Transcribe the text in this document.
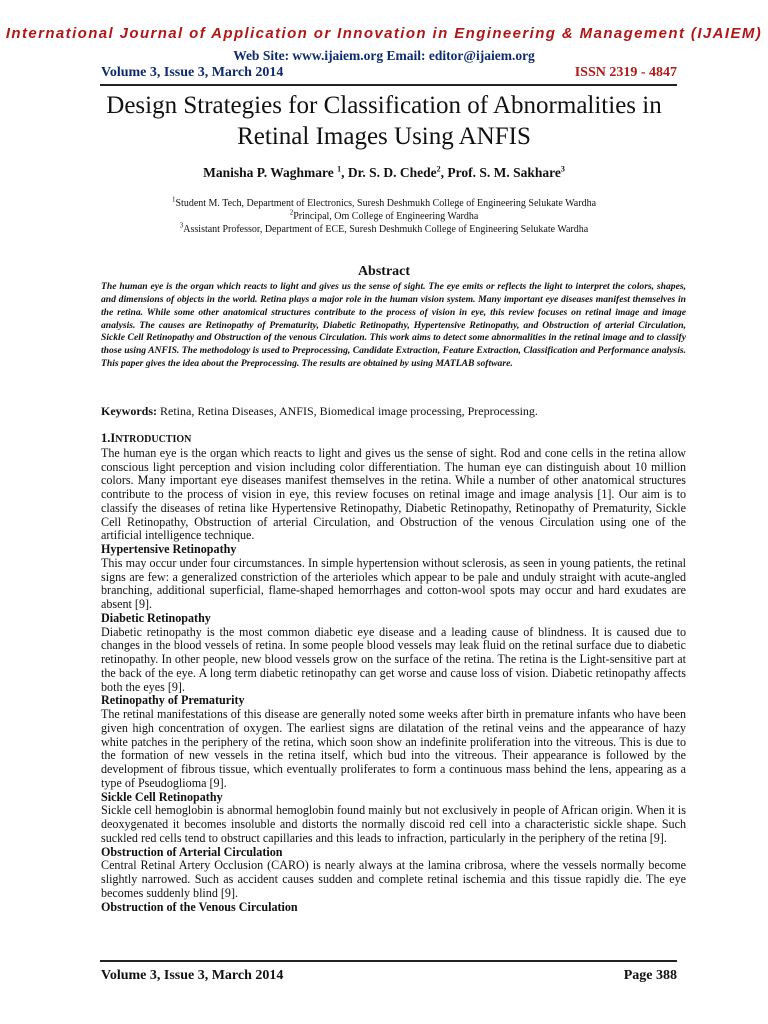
International Journal of Application or Innovation in Engineering & Management (IJAIEM)
Web Site: www.ijaiem.org Email: editor@ijaiem.org
Volume 3, Issue 3, March 2014	ISSN 2319 - 4847
Design Strategies for Classification of Abnormalities in Retinal Images Using ANFIS
Manisha P. Waghmare $^1$, Dr. S. D. Chede$^2$, Prof. S. M. Sakhare$^3$
$^1$Student M. Tech, Department of Electronics, Suresh Deshmukh College of Engineering Selukate Wardha
$^2$Principal, Om College of Engineering Wardha
$^3$Assistant Professor, Department of ECE, Suresh Deshmukh College of Engineering Selukate Wardha
Abstract

The human eye is the organ which reacts to light and gives us the sense of sight. The eye emits or reflects the light to interpret the colors, shapes, and dimensions of objects in the world. Retina plays a major role in the human vision system. Many important eye diseases manifest themselves in the retina. While some other anatomical structures contribute to the process of vision in eye, this review focuses on retinal image and image analysis. The causes are Retinopathy of Prematurity, Diabetic Retinopathy, Hypertensive Retinopathy, and Obstruction of arterial Circulation, Sickle Cell Retinopathy and Obstruction of the venous Circulation. This work aims to detect some abnormalities in the retinal image and to classify those using ANFIS. The methodology is used to Preprocessing, Candidate Extraction, Feature Extraction, Classification and Performance analysis. This paper gives the idea about the Preprocessing. The results are obtained by using MATLAB software.

Keywords: Retina, Retina Diseases, ANFIS, Biomedical image processing, Preprocessing.

1.INTRODUCTION

The human eye is the organ which reacts to light and gives us the sense of sight. Rod and cone cells in the retina allow conscious light perception and vision including color differentiation. The human eye can distinguish about 10 million colors. Many important eye diseases manifest themselves in the retina. While a number of other anatomical structures contribute to the process of vision in eye, this review focuses on retinal image and image analysis [1]. Our aim is to classify the diseases of retina like Hypertensive Retinopathy, Diabetic Retinopathy, Retinopathy of Prematurity, Sickle Cell Retinopathy, Obstruction of arterial Circulation, and Obstruction of the venous Circulation using one of the artificial intelligence technique.

Hypertensive Retinopathy

This may occur under four circumstances. In simple hypertension without sclerosis, as seen in young patients, the retinal signs are few: a generalized constriction of the arterioles which appear to be pale and unduly straight with acute-angled branching, additional superficial, flame-shaped hemorrhages and cotton-wool spots may occur and hard exudates are absent [9].

Diabetic Retinopathy

Diabetic retinopathy is the most common diabetic eye disease and a leading cause of blindness. It is caused due to changes in the blood vessels of retina. In some people blood vessels may leak fluid on the retinal surface due to diabetic retinopathy. In other people, new blood vessels grow on the surface of the retina. The retina is the Light-sensitive part at the back of the eye. A long term diabetic retinopathy can get worse and cause loss of vision. Diabetic retinopathy affects both the eyes [9].

Retinopathy of Prematurity

The retinal manifestations of this disease are generally noted some weeks after birth in premature infants who have been given high concentration of oxygen. The earliest signs are dilatation of the retinal veins and the appearance of hazy white patches in the periphery of the retina, which soon show an indefinite proliferation into the vitreous. This is due to the formation of new vessels in the retina itself, which bud into the vitreous. Their appearance is followed by the development of fibrous tissue, which eventually proliferates to form a continuous mass behind the lens, appearing as a type of Pseudoglioma [9].

Sickle Cell Retinopathy

Sickle cell hemoglobin is abnormal hemoglobin found mainly but not exclusively in people of African origin. When it is deoxygenated it becomes insoluble and distorts the normally discoid red cell into a characteristic sickle shape. Such suckled red cells tend to obstruct capillaries and this leads to infraction, particularly in the periphery of the retina [9].

Obstruction of Arterial Circulation

Central Retinal Artery Occlusion (CARO) is nearly always at the lamina cribrosa, where the vessels normally become slightly narrowed. Such as accident causes sudden and complete retinal ischemia and this tissue rapidly die. The eye becomes suddenly blind [9].

Obstruction of the Venous Circulation
Volume 3, Issue 3, March 2014	Page 388
